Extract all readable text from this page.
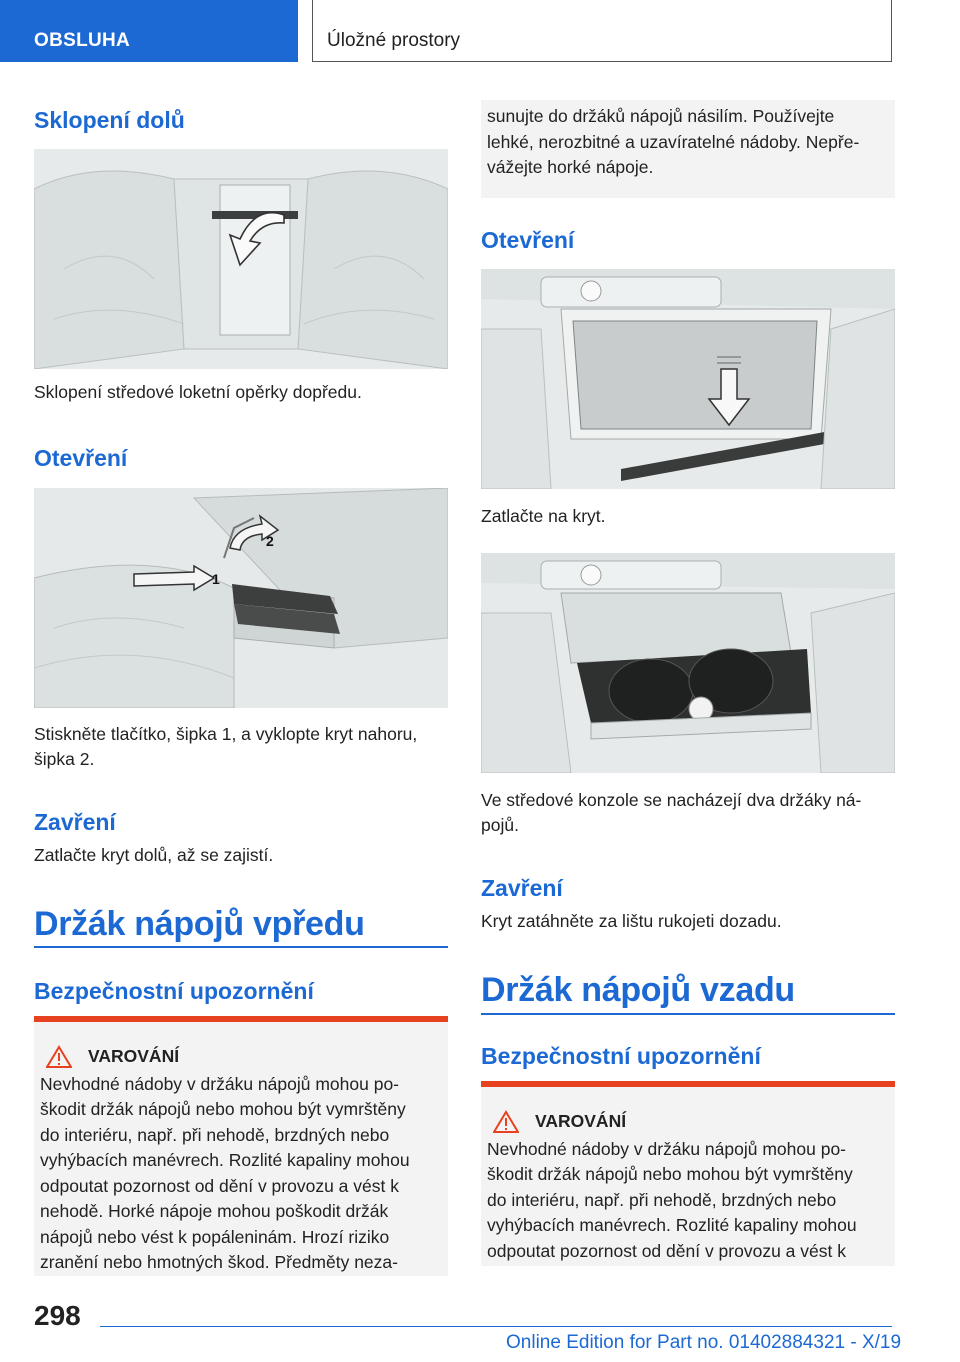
OBSLUHA	Úložné prostory
Sklopení dolů

Sklopení středové loketní opěrky dopředu.

Otevření
1
2

Stiskněte tlačítko, šipka 1, a vyklopte kryt nahoru,

šipka 2.

Zavření

Zatlačte kryt dolů, až se zajistí.

Držák nápojů vpředu
Bezpečnostní upozornění
VAROVÁNÍ
Nevhodné nádoby v držáku nápojů mohou po-
škodit držák nápojů nebo mohou být vymrštěny
do interiéru, např. při nehodě, brzdných nebo
vyhýbacích manévrech. Rozlité kapaliny mohou
odpoutat pozornost od dění v provozu a vést k
nehodě. Horké nápoje mohou poškodit držák
nápojů nebo vést k popáleninám. Hrozí riziko
zranění nebo hmotných škod. Předměty neza-
sunujte do držáků nápojů násilím. Používejte
lehké, nerozbitné a uzavíratelné nádoby. Nepře-
vážejte horké nápoje.
Otevření

Zatlačte na kryt.

Ve středové konzole se nacházejí dva držáky ná-

pojů.

Zavření

Kryt zatáhněte za lištu rukojeti dozadu.

Držák nápojů vzadu
Bezpečnostní upozornění
VAROVÁNÍ
Nevhodné nádoby v držáku nápojů mohou po-
škodit držák nápojů nebo mohou být vymrštěny
do interiéru, např. při nehodě, brzdných nebo
vyhýbacích manévrech. Rozlité kapaliny mohou
odpoutat pozornost od dění v provozu a vést k
298
Online Edition for Part no. 01402884321 - X/19
